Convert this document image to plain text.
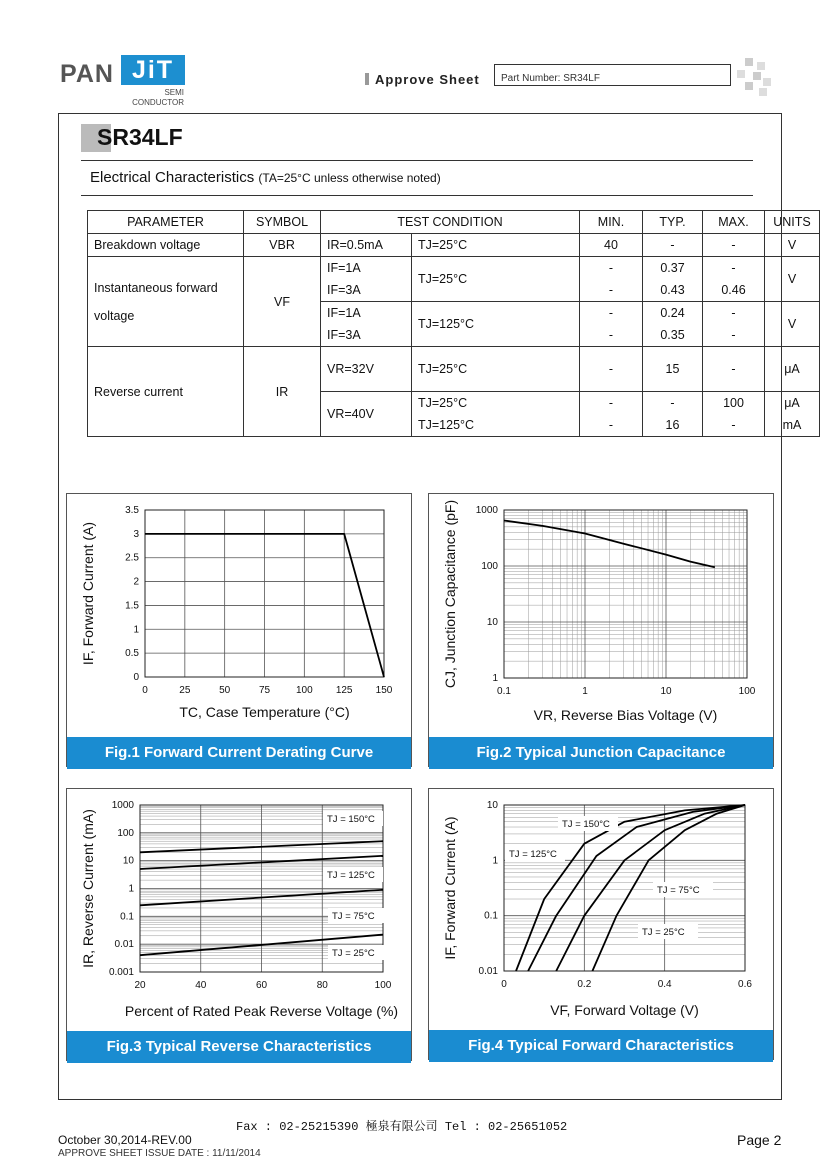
PAN JiT
SEMI
CONDUCTOR
Approve Sheet Part Number: SR34LF
SR34LF
Electrical Characteristics (TA=25°C unless otherwise noted)
PARAMETER	SYMBOL	TEST CONDITION		MIN.	TYP.	MAX.	UNITS
Breakdown voltage	VBR	IR=0.5mA	TJ=25°C	40	-	-	V
Instantaneous forward

voltage	VF	IF=1A	TJ=25°C	-	0.37	-	V
		IF=3A		-	0.43	0.46	
		IF=1A	TJ=125°C	-	0.24	-	V
		IF=3A		-	0.35	-	
Reverse current	IR	VR=32V	TJ=25°C	-	15	-	μA
		VR=40V	TJ=25°C	-	-	100	μA
			TJ=125°C	-	16	-	mA
0
0.5
1
1.5
2
2.5
3
3.5
0	25	50	75	100 125 150
TC, Case Temperature (°C)
IF, Forward Current (A)
Fig.1 Forward Current Derating Curve
1
10
100
1000
0.1	1	10	100
VR, Reverse Bias Voltage (V)
CJ, Junction Capacitance (pF)
Fig.2 Typical Junction Capacitance
0.001
0.01
0.1
1
10
100
1000
20	40	60	80	100
TJ = 150°C
TJ = 125°C
TJ = 75°C
TJ = 25°C
Percent of Rated Peak Reverse Voltage (%)
IR, Reverse Current (mA)
Fig.3 Typical Reverse Characteristics
0.01
0.1
1
10
0	0.2	0.4	0.6
TJ = 150°C
TJ = 125°C
TJ = 75°C
TJ = 25°C
VF, Forward Voltage (V)
IF, Forward Current (A)
Fig.4 Typical Forward Characteristics
Fax : 02-25215390 極泉有限公司 Tel : 02-25651052
October 30,2014-REV.00
APPROVE SHEET ISSUE DATE : 11/11/2014
Page 2
